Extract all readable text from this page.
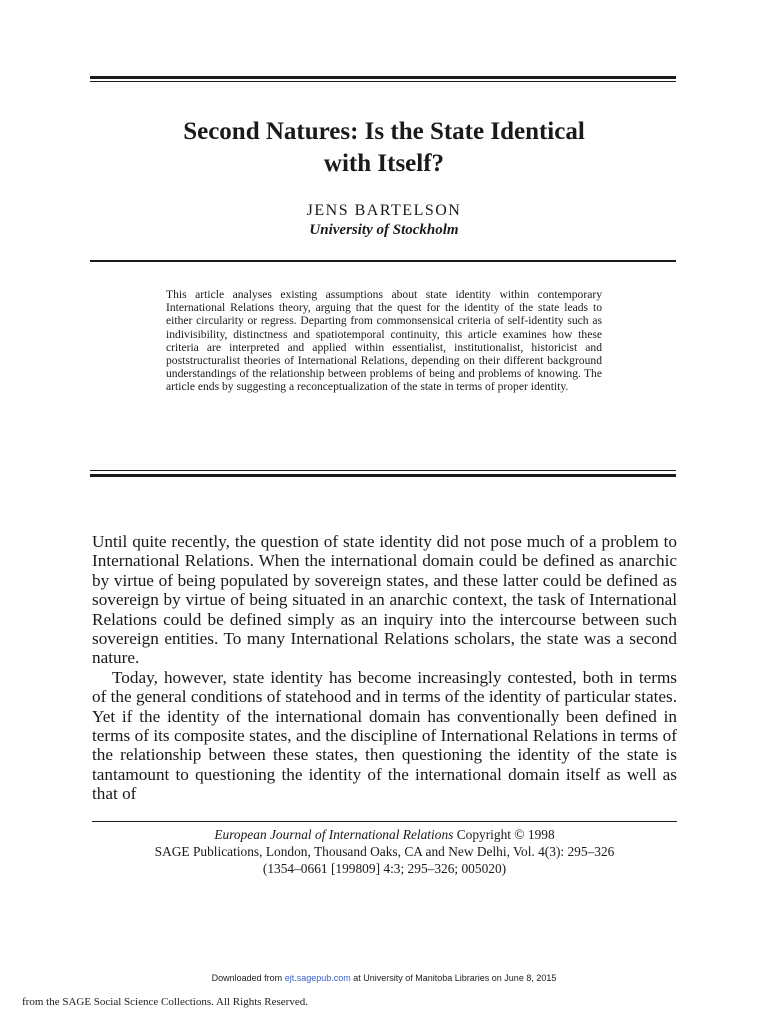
Second Natures: Is the State Identical
with Itself?
JENS BARTELSON
University of Stockholm

This article analyses existing assumptions about state identity within contemporary International Relations theory, arguing that the quest for the identity of the state leads to either circularity or regress. Departing from commonsensical criteria of self-identity such as indivisibility, distinctness and spatiotemporal continuity, this article examines how these criteria are interpreted and applied within essentialist, institutionalist, historicist and poststructuralist theories of International Relations, depending on their different background understandings of the relationship between problems of being and problems of knowing. The article ends by suggesting a reconceptualization of the state in terms of proper identity.

Until quite recently, the question of state identity did not pose much of a problem to International Relations. When the international domain could be defined as anarchic by virtue of being populated by sovereign states, and these latter could be defined as sovereign by virtue of being situated in an anarchic context, the task of International Relations could be defined simply as an inquiry into the intercourse between such sovereign entities. To many International Relations scholars, the state was a second nature.

Today, however, state identity has become increasingly contested, both in terms of the general conditions of statehood and in terms of the identity of particular states. Yet if the identity of the international domain has conventionally been defined in terms of its composite states, and the discipline of International Relations in terms of the relationship between these states, then questioning the identity of the state is tantamount to questioning the identity of the international domain itself as well as that of

European Journal of International Relations Copyright © 1998
SAGE Publications, London, Thousand Oaks, CA and New Delhi, Vol. 4(3): 295–326
(1354–0661 [199809] 4:3; 295–326; 005020)
Downloaded from ejt.sagepub.com at University of Manitoba Libraries on June 8, 2015
from the SAGE Social Science Collections. All Rights Reserved.
